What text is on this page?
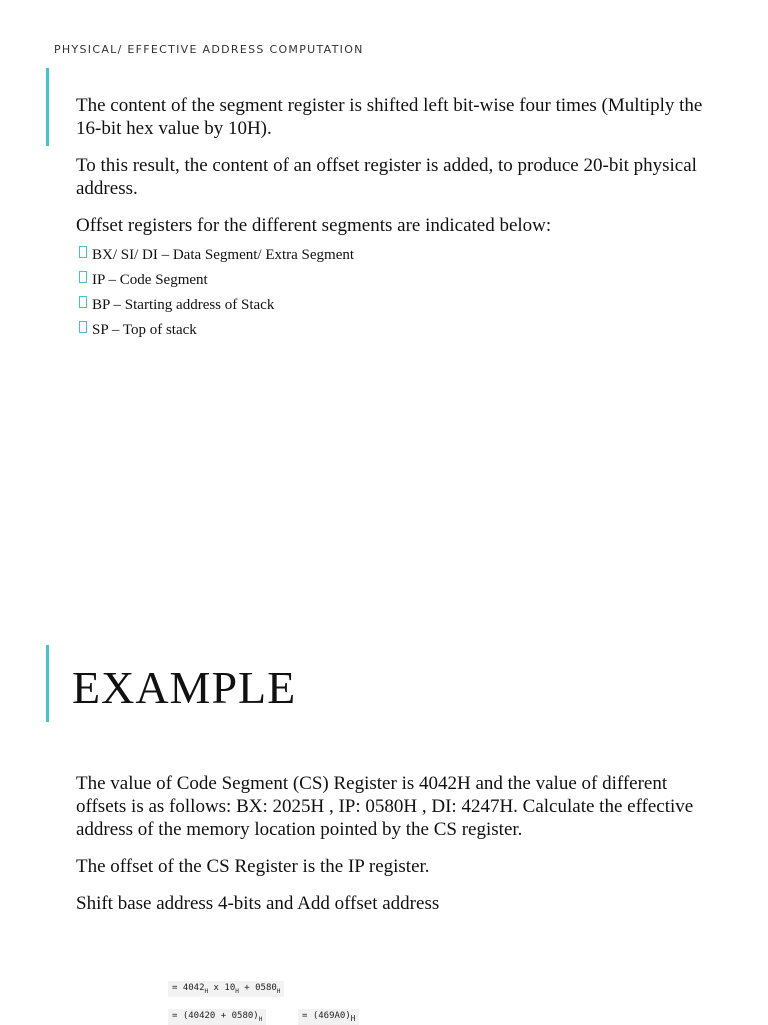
PHYSICAL/ EFFECTIVE ADDRESS COMPUTATION

The content of the segment register is shifted left bit-wise four times (Multiply the 16-bit hex value by 10H).

To this result, the content of an offset register is added, to produce 20-bit physical address.

Offset registers for the different segments are indicated below:

BX/ SI/ DI – Data Segment/ Extra Segment
IP – Code Segment
BP – Starting address of Stack
SP – Top of stack
EXAMPLE

The value of Code Segment (CS) Register is 4042H and the value of different offsets is as follows: BX: 2025H , IP: 0580H , DI: 4247H. Calculate the effective address of the memory location pointed by the CS register.

The offset of the CS Register is the IP register.

Shift base address 4-bits and Add offset address

= $4042_H$ x $10_H + 0580_H$
= $(40420 + 0580)_H$	= $(469A0)_H$
